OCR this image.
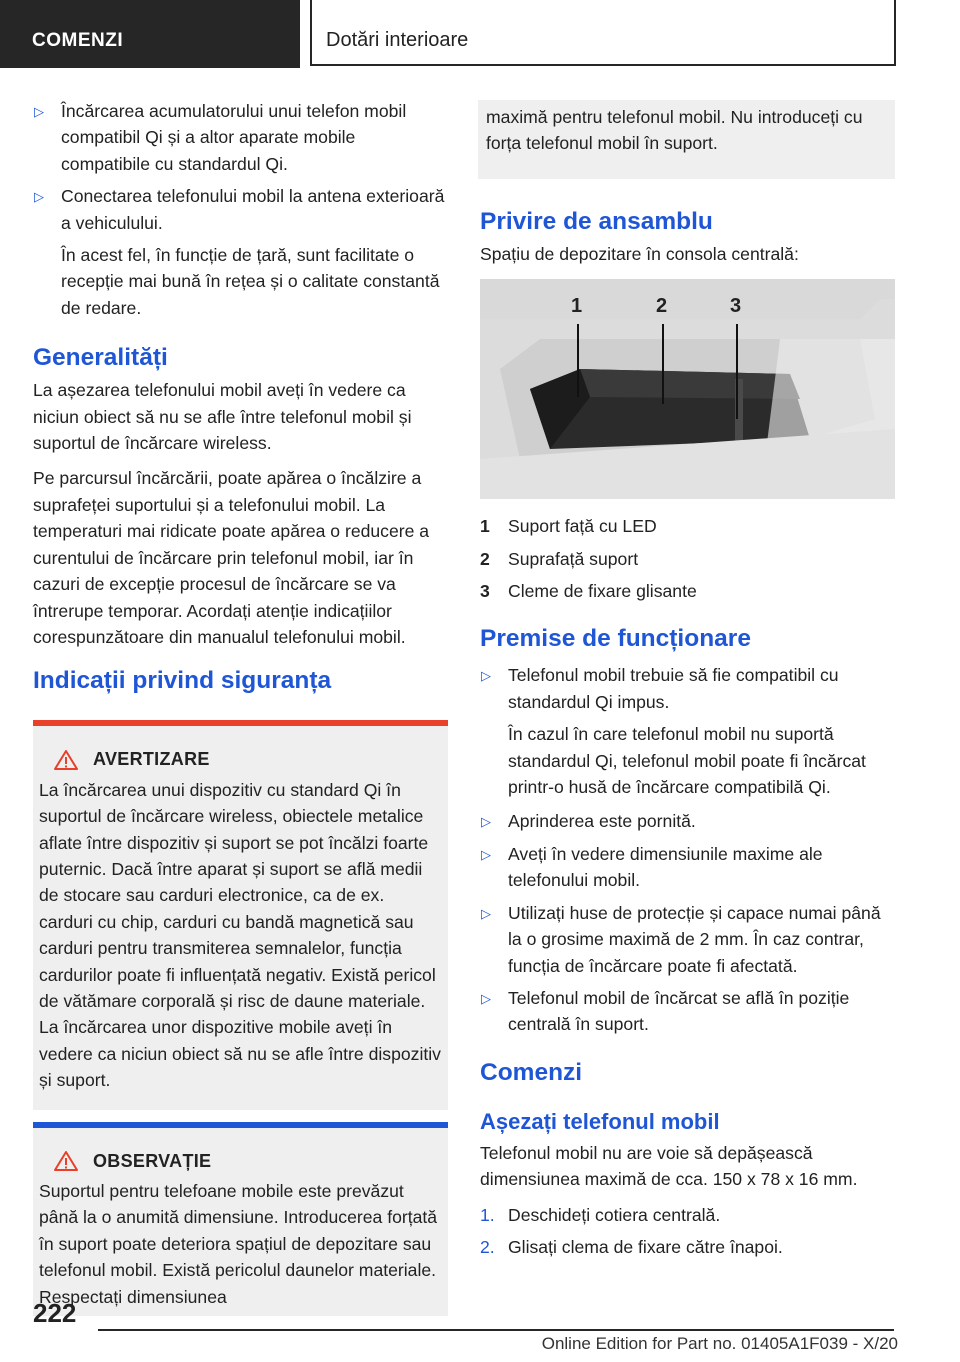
COMENZI	Dotări interioare
▷ Încărcarea acumulatorului unui telefon mobil compatibil Qi și a altor aparate mobile compatibile cu standardul Qi.
▷ Conectarea telefonului mobil la antena exterioară a vehiculului.

În acest fel, în funcție de țară, sunt facilitate o recepție mai bună în rețea și o calitate constantă de redare.

Generalități

La așezarea telefonului mobil aveți în vedere ca niciun obiect să nu se afle între telefonul mobil și suportul de încărcare wireless.

Pe parcursul încărcării, poate apărea o încălzire a suprafeței suportului și a telefonului mobil. La temperaturi mai ridicate poate apărea o reducere a curentului de încărcare prin telefonul mobil, iar în cazuri de excepție procesul de încărcare se va întrerupe temporar. Acordați atenție indicațiilor corespunzătoare din manualul telefonului mobil.

Indicații privind siguranța
AVERTIZARE

La încărcarea unui dispozitiv cu standard Qi în suportul de încărcare wireless, obiectele metalice aflate între dispozitiv și suport se pot încălzi foarte puternic. Dacă între aparat și suport se află medii de stocare sau carduri electronice, ca de ex. carduri cu chip, carduri cu bandă magnetică sau carduri pentru transmiterea semnalelor, funcția cardurilor poate fi influențată negativ. Există pericol de vătămare corporală și risc de daune materiale. La încărcarea unor dispozitive mobile aveți în vedere ca niciun obiect să nu se afle între dispozitiv și suport.

OBSERVAȚIE

Suportul pentru telefoane mobile este prevăzut până la o anumită dimensiune. Introducerea forțată în suport poate deteriora spațiul de depozitare sau telefonul mobil. Există pericolul daunelor materiale. Respectați dimensiunea

maximă pentru telefonul mobil. Nu introduceți cu forța telefonul mobil în suport.

Privire de ansamblu

Spațiu de depozitare în consola centrală:

1	2	3
1 Suport față cu LED
2 Suprafață suport
3 Cleme de fixare glisante
Premise de funcționare
▷ Telefonul mobil trebuie să fie compatibil cu standardul Qi impus.

În cazul în care telefonul mobil nu suportă standardul Qi, telefonul mobil poate fi încărcat printr-o husă de încărcare compatibilă Qi.

▷ Aprinderea este pornită.
▷ Aveți în vedere dimensiunile maxime ale telefonului mobil.
▷ Utilizați huse de protecție și capace numai până la o grosime maximă de 2 mm. În caz contrar, funcția de încărcare poate fi afectată.
▷ Telefonul mobil de încărcat se află în poziție centrală în suport.
Comenzi
Așezați telefonul mobil

Telefonul mobil nu are voie să depășească dimensiunea maximă de cca. 150 x 78 x 16 mm.

1. Deschideți cotiera centrală.
2. Glisați clema de fixare către înapoi.
222
Online Edition for Part no. 01405A1F039 - X/20
